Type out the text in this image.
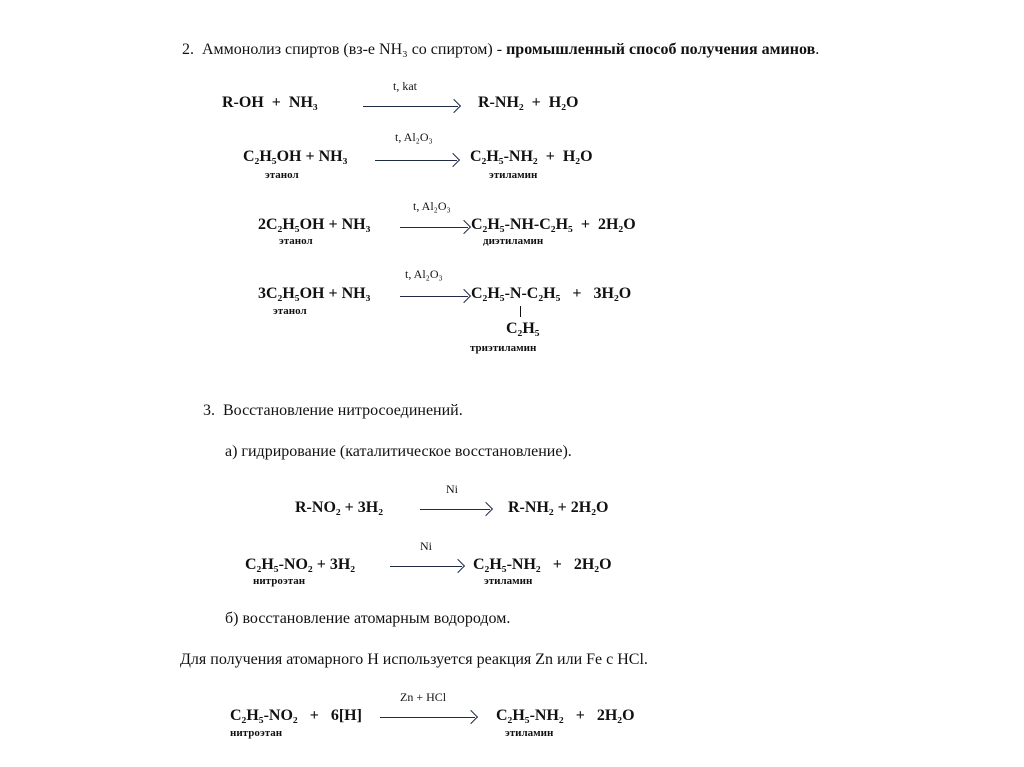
2.  Аммонолиз спиртов (вз-е NH₃ со спиртом) - промышленный способ получения аминов.
R-OH  +  NH₃
t, kat
R-NH₂  +  H₂O
C₂H₅OH + NH₃
t, Al₂O₃
C₂H₅-NH₂  +  H₂O
этанол	этиламин
2C₂H₅OH + NH₃
t, Al₂O₃
C₂H₅-NH-C₂H₅  +  2H₂O
этанол	диэтиламин
3C₂H₅OH + NH₃
t, Al₂O₃
C₂H₅-N-C₂H₅   +   3H₂O
C₂H₅
этанол
триэтиламин
3.  Восстановление нитросоединений.
а) гидрирование (каталитическое восстановление).
R-NO₂ + 3H₂
Ni
R-NH₂ + 2H₂O
C₂H₅-NO₂ + 3H₂
Ni
C₂H₅-NH₂   +   2H₂O
нитроэтан	этиламин
б) восстановление атомарным водородом.
Для получения атомарного H используется реакция Zn или Fe с HCl.
C₂H₅-NO₂   +   6[H]
Zn + HCl
C₂H₅-NH₂   +   2H₂O
нитроэтан	этиламин
